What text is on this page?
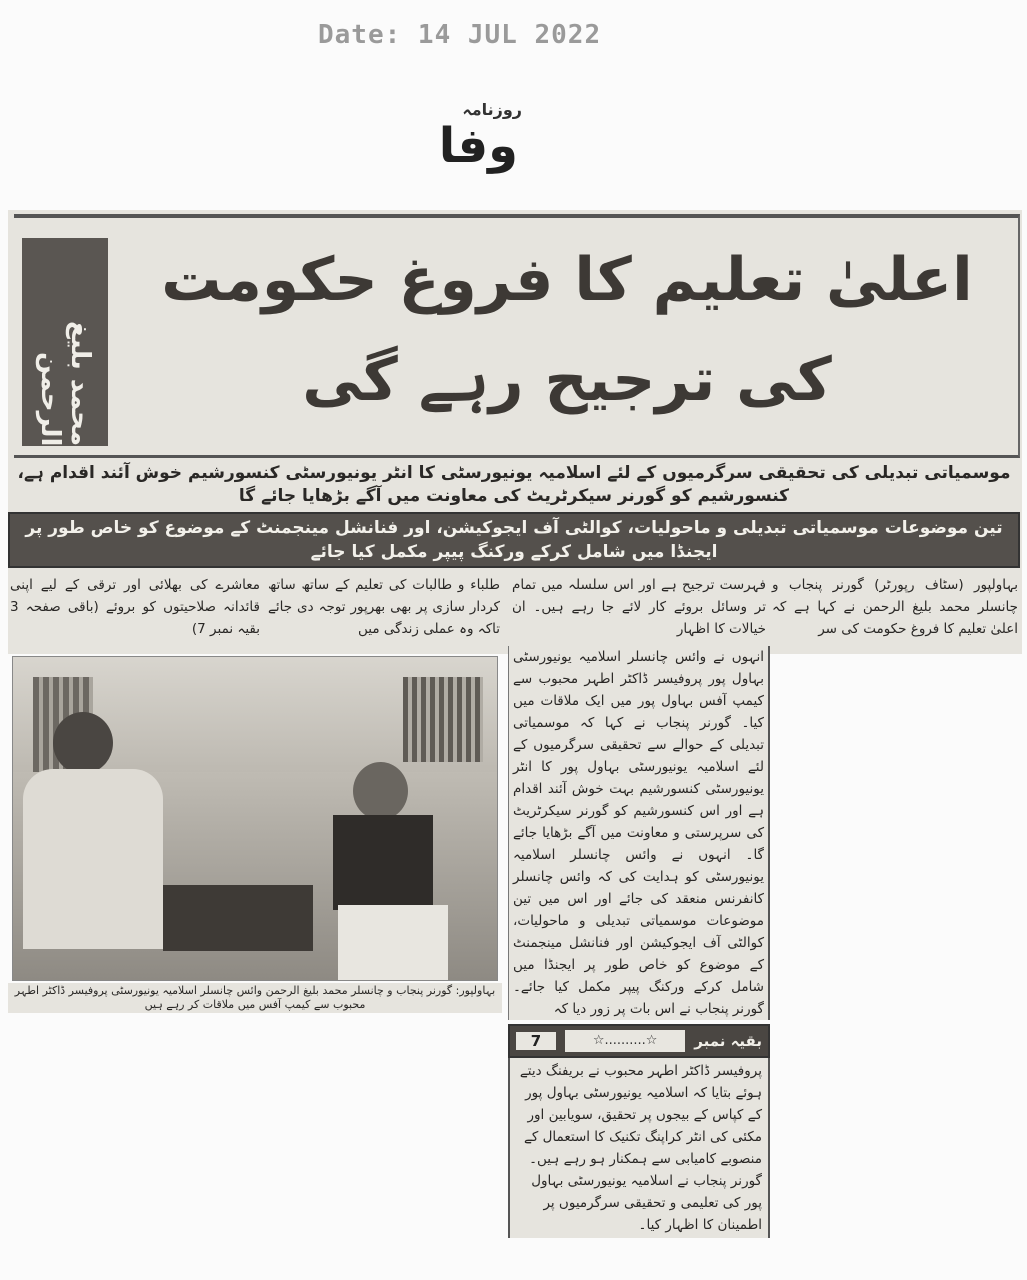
Date: 14 JUL 2022
روزنامہ
وفا
محمد بلیغ الرحمن
اعلیٰ تعلیم کا فروغ حکومت کی ترجیح رہے گی
موسمیاتی تبدیلی کی تحقیقی سرگرمیوں کے لئے اسلامیہ یونیورسٹی کا انٹر یونیورسٹی کنسورشیم خوش آئند اقدام ہے، کنسورشیم کو گورنر سیکرٹریٹ کی معاونت میں آگے بڑھایا جائے گا
تین موضوعات موسمیاتی تبدیلی و ماحولیات، کوالٹی آف ایجوکیشن، اور فنانشل مینجمنٹ کے موضوع کو خاص طور پر ایجنڈا میں شامل کرکے ورکنگ پیپر مکمل کیا جائے
بہاولپور (سٹاف رپورٹر) گورنر پنجاب و چانسلر محمد بلیغ الرحمن نے کہا ہے کہ اعلیٰ تعلیم کا فروغ حکومت کی سر
طلباء و طالبات کی تعلیم کے ساتھ ساتھ کردار سازی پر بھی بھرپور توجہ دی جائے تاکہ وہ عملی زندگی میں
معاشرے کی بھلائی اور ترقی کے لیے اپنی قائدانہ صلاحیتوں کو بروئے (باقی صفحہ 3 بقیہ نمبر 7)
بہاولپور: گورنر پنجاب و چانسلر محمد بلیغ الرحمن وائس چانسلر اسلامیہ یونیورسٹی پروفیسر ڈاکٹر اطہر محبوب سے کیمپ آفس میں ملاقات کر رہے ہیں
فہرست ترجیح ہے اور اس سلسلہ میں تمام تر وسائل بروئے کار لائے جا رہے ہیں۔ ان خیالات کا اظہار
انہوں نے وائس چانسلر اسلامیہ یونیورسٹی بہاول پور پروفیسر ڈاکٹر اطہر محبوب سے کیمپ آفس بہاول پور میں ایک ملاقات میں کیا۔ گورنر پنجاب نے کہا کہ موسمیاتی تبدیلی کے حوالے سے تحقیقی سرگرمیوں کے لئے اسلامیہ یونیورسٹی بہاول پور کا انٹر یونیورسٹی کنسورشیم بہت خوش آئند اقدام ہے اور اس کنسورشیم کو گورنر سیکرٹریٹ کی سرپرستی و معاونت میں آگے بڑھایا جائے گا۔ انہوں نے وائس چانسلر اسلامیہ یونیورسٹی کو ہدایت کی کہ وائس چانسلر کانفرنس منعقد کی جائے اور اس میں تین موضوعات موسمیاتی تبدیلی و ماحولیات، کوالٹی آف ایجوکیشن اور فنانشل مینجمنٹ کے موضوع کو خاص طور پر ایجنڈا میں شامل کرکے ورکنگ پیپر مکمل کیا جائے۔ گورنر پنجاب نے اس بات پر زور دیا کہ
بقیہ نمبر
☆..........☆
7
پروفیسر ڈاکٹر اطہر محبوب نے بریفنگ دیتے ہوئے بتایا کہ اسلامیہ یونیورسٹی بہاول پور کے کپاس کے بیجوں پر تحقیق، سویابین اور مکئی کی انٹر کراپنگ تکنیک کا استعمال کے منصوبے کامیابی سے ہمکنار ہو رہے ہیں۔ گورنر پنجاب نے اسلامیہ یونیورسٹی بہاول پور کی تعلیمی و تحقیقی سرگرمیوں پر اطمینان کا اظہار کیا۔
